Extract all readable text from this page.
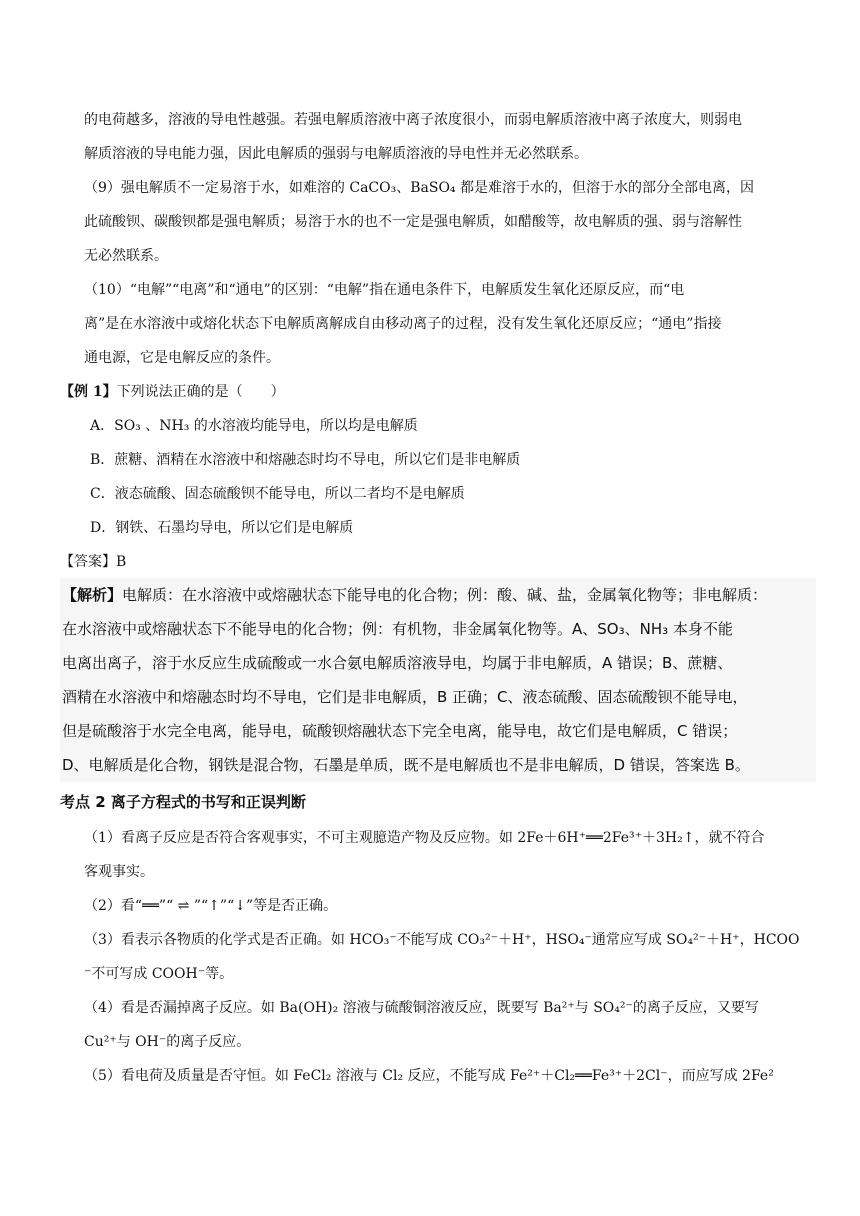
的电荷越多，溶液的导电性越强。若强电解质溶液中离子浓度很小，而弱电解质溶液中离子浓度大，则弱电
解质溶液的导电能力强，因此电解质的强弱与电解质溶液的导电性并无必然联系。
（9）强电解质不一定易溶于水，如难溶的 CaCO₃、BaSO₄ 都是难溶于水的，但溶于水的部分全部电离，因
此硫酸钡、碳酸钡都是强电解质；易溶于水的也不一定是强电解质，如醋酸等，故电解质的强、弱与溶解性
无必然联系。
（10）“电解”“电离”和“通电”的区别：“电解”指在通电条件下，电解质发生氧化还原反应，而“电
离”是在水溶液中或熔化状态下电解质离解成自由移动离子的过程，没有发生氧化还原反应；“通电”指接
通电源，它是电解反应的条件。
【例 1】下列说法正确的是（　　）
A．SO₃ 、NH₃ 的水溶液均能导电，所以均是电解质
B．蔗糖、酒精在水溶液中和熔融态时均不导电，所以它们是非电解质
C．液态硫酸、固态硫酸钡不能导电，所以二者均不是电解质
D．钢铁、石墨均导电，所以它们是电解质
【答案】B
【解析】电解质：在水溶液中或熔融状态下能导电的化合物；例：酸、碱、盐，金属氧化物等；非电解质：
在水溶液中或熔融状态下不能导电的化合物；例：有机物，非金属氧化物等。A、SO₃、NH₃ 本身不能
电离出离子，溶于水反应生成硫酸或一水合氨电解质溶液导电，均属于非电解质，A 错误；B、蔗糖、
酒精在水溶液中和熔融态时均不导电，它们是非电解质，B 正确；C、液态硫酸、固态硫酸钡不能导电，
但是硫酸溶于水完全电离，能导电，硫酸钡熔融状态下完全电离，能导电，故它们是电解质，C 错误；
D、电解质是化合物，钢铁是混合物，石墨是单质，既不是电解质也不是非电解质，D 错误，答案选 B。
考点 2 离子方程式的书写和正误判断
（1）看离子反应是否符合客观事实，不可主观臆造产物及反应物。如 2Fe＋6H⁺══2Fe³⁺＋3H₂↑，就不符合
客观事实。
（2）看“══”“ ⇌ ”“↑”“↓”等是否正确。
（3）看表示各物质的化学式是否正确。如 HCO₃⁻不能写成 CO₃²⁻＋H⁺，HSO₄⁻通常应写成 SO₄²⁻＋H⁺，HCOO
⁻不可写成 COOH⁻等。
（4）看是否漏掉离子反应。如 Ba(OH)₂ 溶液与硫酸铜溶液反应，既要写 Ba²⁺与 SO₄²⁻的离子反应，又要写
Cu²⁺与 OH⁻的离子反应。
（5）看电荷及质量是否守恒。如 FeCl₂ 溶液与 Cl₂ 反应，不能写成 Fe²⁺＋Cl₂══Fe³⁺＋2Cl⁻，而应写成 2Fe²
